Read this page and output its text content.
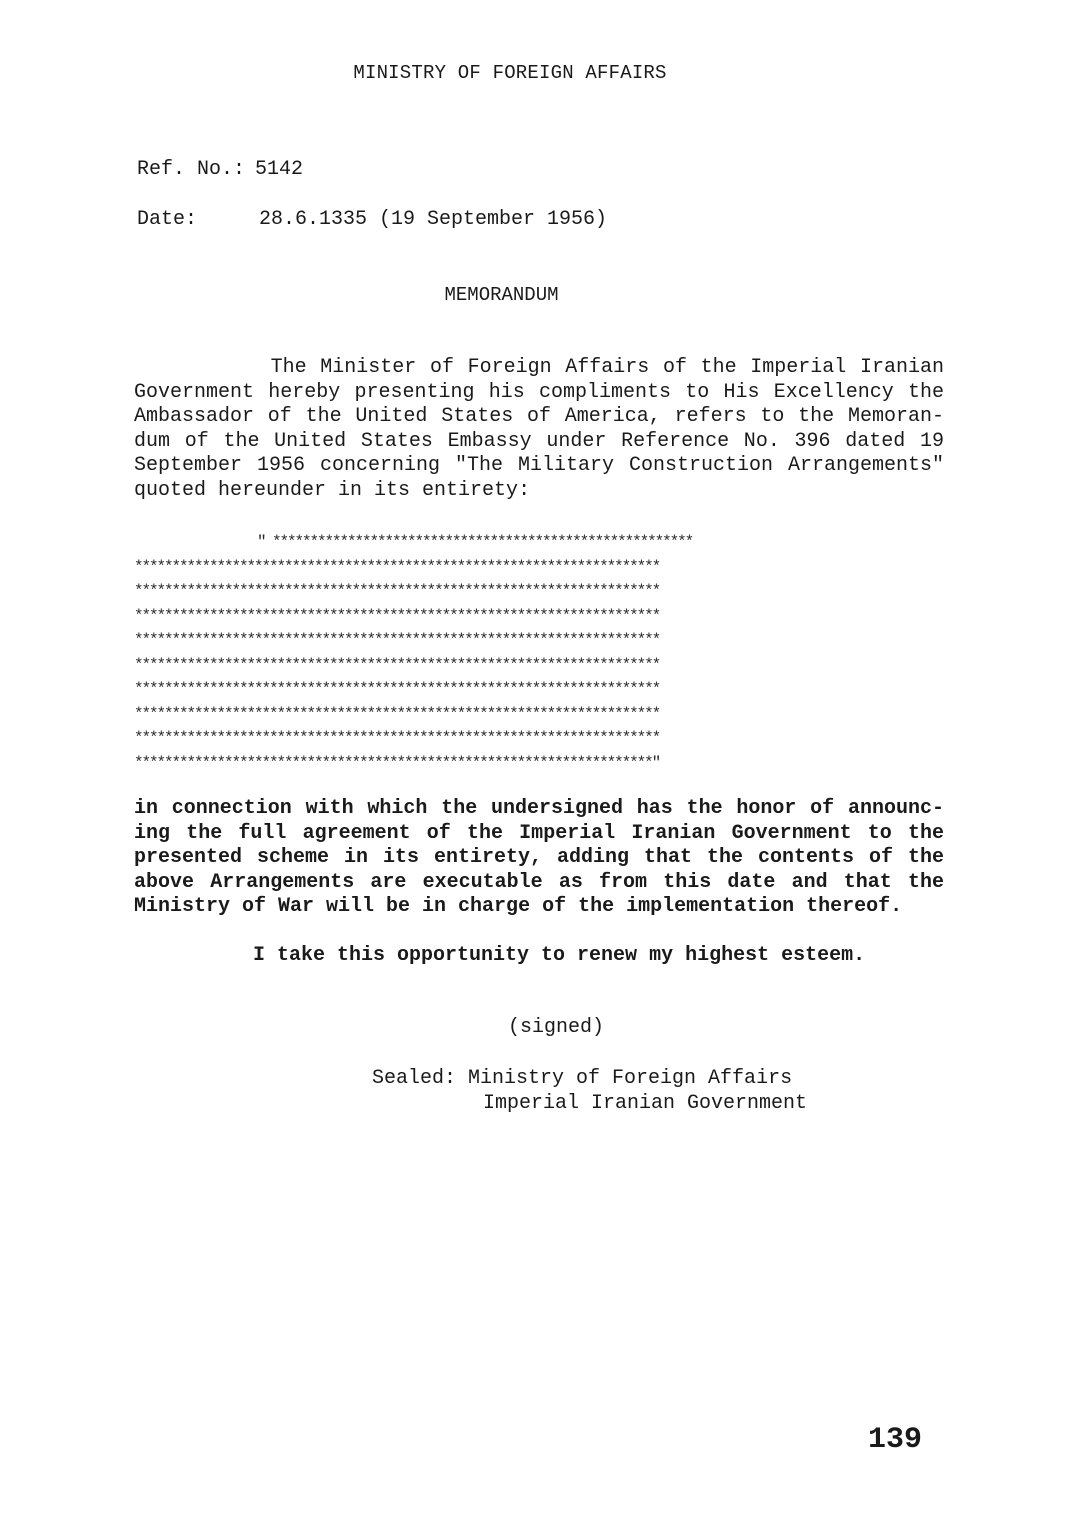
MINISTRY OF FOREIGN AFFAIRS
Ref. No.: 5142
Date:	28.6.1335 (19 September 1956)
MEMORANDUM
The Minister of Foreign Affairs of the Imperial Iranian
Government hereby presenting his compliments to His Excellency the
Ambassador of the United States of America, refers to the Memoran-
dum of the United States Embassy under Reference No. 396 dated 19
September 1956 concerning "The Military Construction Arrangements"
quoted hereunder in its entirety:
" ********************************************************
**********************************************************************
**********************************************************************
**********************************************************************
**********************************************************************
**********************************************************************
**********************************************************************
**********************************************************************
**********************************************************************
*********************************************************************"
in connection with which the undersigned has the honor of announc-
ing the full agreement of the Imperial Iranian Government to the
presented scheme in its entirety, adding that the contents of the
above Arrangements are executable as from this date and that the
Ministry of War will be in charge of the implementation thereof.
I take this opportunity to renew my highest esteem.
(signed)
Sealed: Ministry of Foreign Affairs
Imperial Iranian Government
139
